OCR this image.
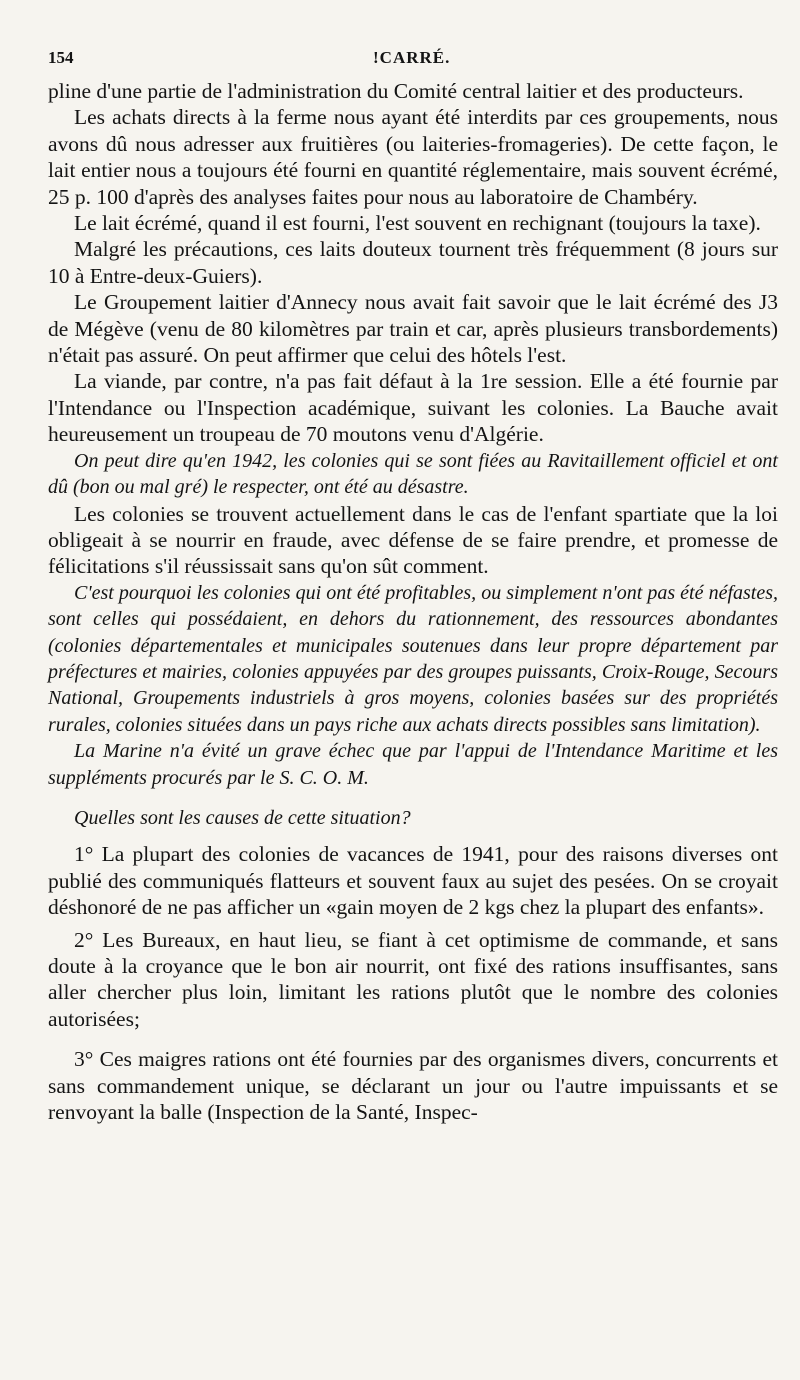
154	!CARRÉ.

pline d'une partie de l'administration du Comité central laitier et des producteurs.

Les achats directs à la ferme nous ayant été interdits par ces groupements, nous avons dû nous adresser aux fruitières (ou laiteries-fromageries). De cette façon, le lait entier nous a toujours été fourni en quantité réglementaire, mais souvent écrémé, 25 p. 100 d'après des analyses faites pour nous au laboratoire de Chambéry.

Le lait écrémé, quand il est fourni, l'est souvent en rechignant (toujours la taxe).

Malgré les précautions, ces laits douteux tournent très fréquemment (8 jours sur 10 à Entre-deux-Guiers).

Le Groupement laitier d'Annecy nous avait fait savoir que le lait écrémé des J3 de Mégève (venu de 80 kilomètres par train et car, après plusieurs transbordements) n'était pas assuré. On peut affirmer que celui des hôtels l'est.

La viande, par contre, n'a pas fait défaut à la 1re session. Elle a été fournie par l'Intendance ou l'Inspection académique, suivant les colonies. La Bauche avait heureusement un troupeau de 70 moutons venu d'Algérie.

On peut dire qu'en 1942, les colonies qui se sont fiées au Ravitaillement officiel et ont dû (bon ou mal gré) le respecter, ont été au désastre.

Les colonies se trouvent actuellement dans le cas de l'enfant spartiate que la loi obligeait à se nourrir en fraude, avec défense de se faire prendre, et promesse de félicitations s'il réussissait sans qu'on sût comment.

C'est pourquoi les colonies qui ont été profitables, ou simplement n'ont pas été néfastes, sont celles qui possédaient, en dehors du rationnement, des ressources abondantes (colonies départementales et municipales soutenues dans leur propre département par préfectures et mairies, colonies appuyées par des groupes puissants, Croix-Rouge, Secours National, Groupements industriels à gros moyens, colonies basées sur des propriétés rurales, colonies situées dans un pays riche aux achats directs possibles sans limitation).

La Marine n'a évité un grave échec que par l'appui de l'Intendance Maritime et les suppléments procurés par le S. C. O. M.

Quelles sont les causes de cette situation?

1° La plupart des colonies de vacances de 1941, pour des raisons diverses ont publié des communiqués flatteurs et souvent faux au sujet des pesées. On se croyait déshonoré de ne pas afficher un «gain moyen de 2 kgs chez la plupart des enfants».

2° Les Bureaux, en haut lieu, se fiant à cet optimisme de commande, et sans doute à la croyance que le bon air nourrit, ont fixé des rations insuffisantes, sans aller chercher plus loin, limitant les rations plutôt que le nombre des colonies autorisées;

3° Ces maigres rations ont été fournies par des organismes divers, concurrents et sans commandement unique, se déclarant un jour ou l'autre impuissants et se renvoyant la balle (Inspection de la Santé, Inspec-
